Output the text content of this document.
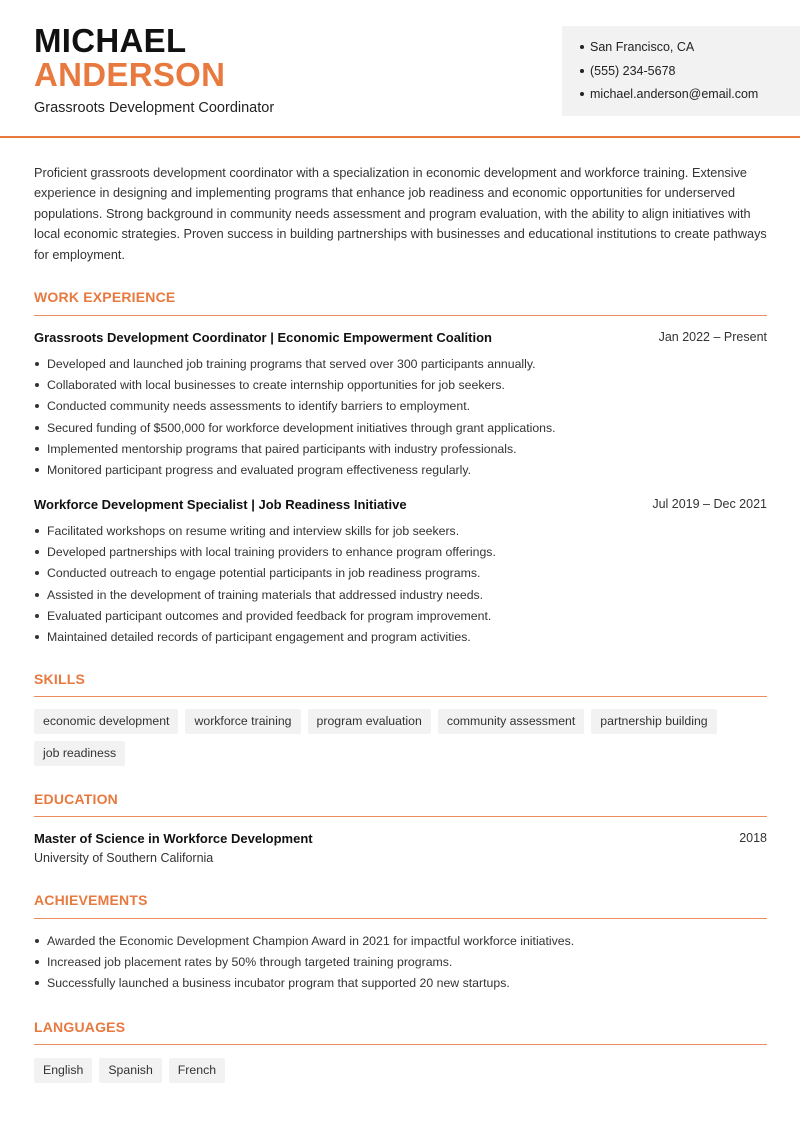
MICHAEL
ANDERSON
Grassroots Development Coordinator
San Francisco, CA
(555) 234-5678
michael.anderson@email.com
Proficient grassroots development coordinator with a specialization in economic development and workforce training. Extensive experience in designing and implementing programs that enhance job readiness and economic opportunities for underserved populations. Strong background in community needs assessment and program evaluation, with the ability to align initiatives with local economic strategies. Proven success in building partnerships with businesses and educational institutions to create pathways for employment.
WORK EXPERIENCE
Grassroots Development Coordinator | Economic Empowerment Coalition	Jan 2022 – Present
Developed and launched job training programs that served over 300 participants annually.
Collaborated with local businesses to create internship opportunities for job seekers.
Conducted community needs assessments to identify barriers to employment.
Secured funding of $500,000 for workforce development initiatives through grant applications.
Implemented mentorship programs that paired participants with industry professionals.
Monitored participant progress and evaluated program effectiveness regularly.
Workforce Development Specialist | Job Readiness Initiative	Jul 2019 – Dec 2021
Facilitated workshops on resume writing and interview skills for job seekers.
Developed partnerships with local training providers to enhance program offerings.
Conducted outreach to engage potential participants in job readiness programs.
Assisted in the development of training materials that addressed industry needs.
Evaluated participant outcomes and provided feedback for program improvement.
Maintained detailed records of participant engagement and program activities.
SKILLS
economic development	workforce training	program evaluation	community assessment	partnership building
job readiness
EDUCATION
Master of Science in Workforce Development	2018
University of Southern California
ACHIEVEMENTS
Awarded the Economic Development Champion Award in 2021 for impactful workforce initiatives.
Increased job placement rates by 50% through targeted training programs.
Successfully launched a business incubator program that supported 20 new startups.
LANGUAGES
English	Spanish	French
